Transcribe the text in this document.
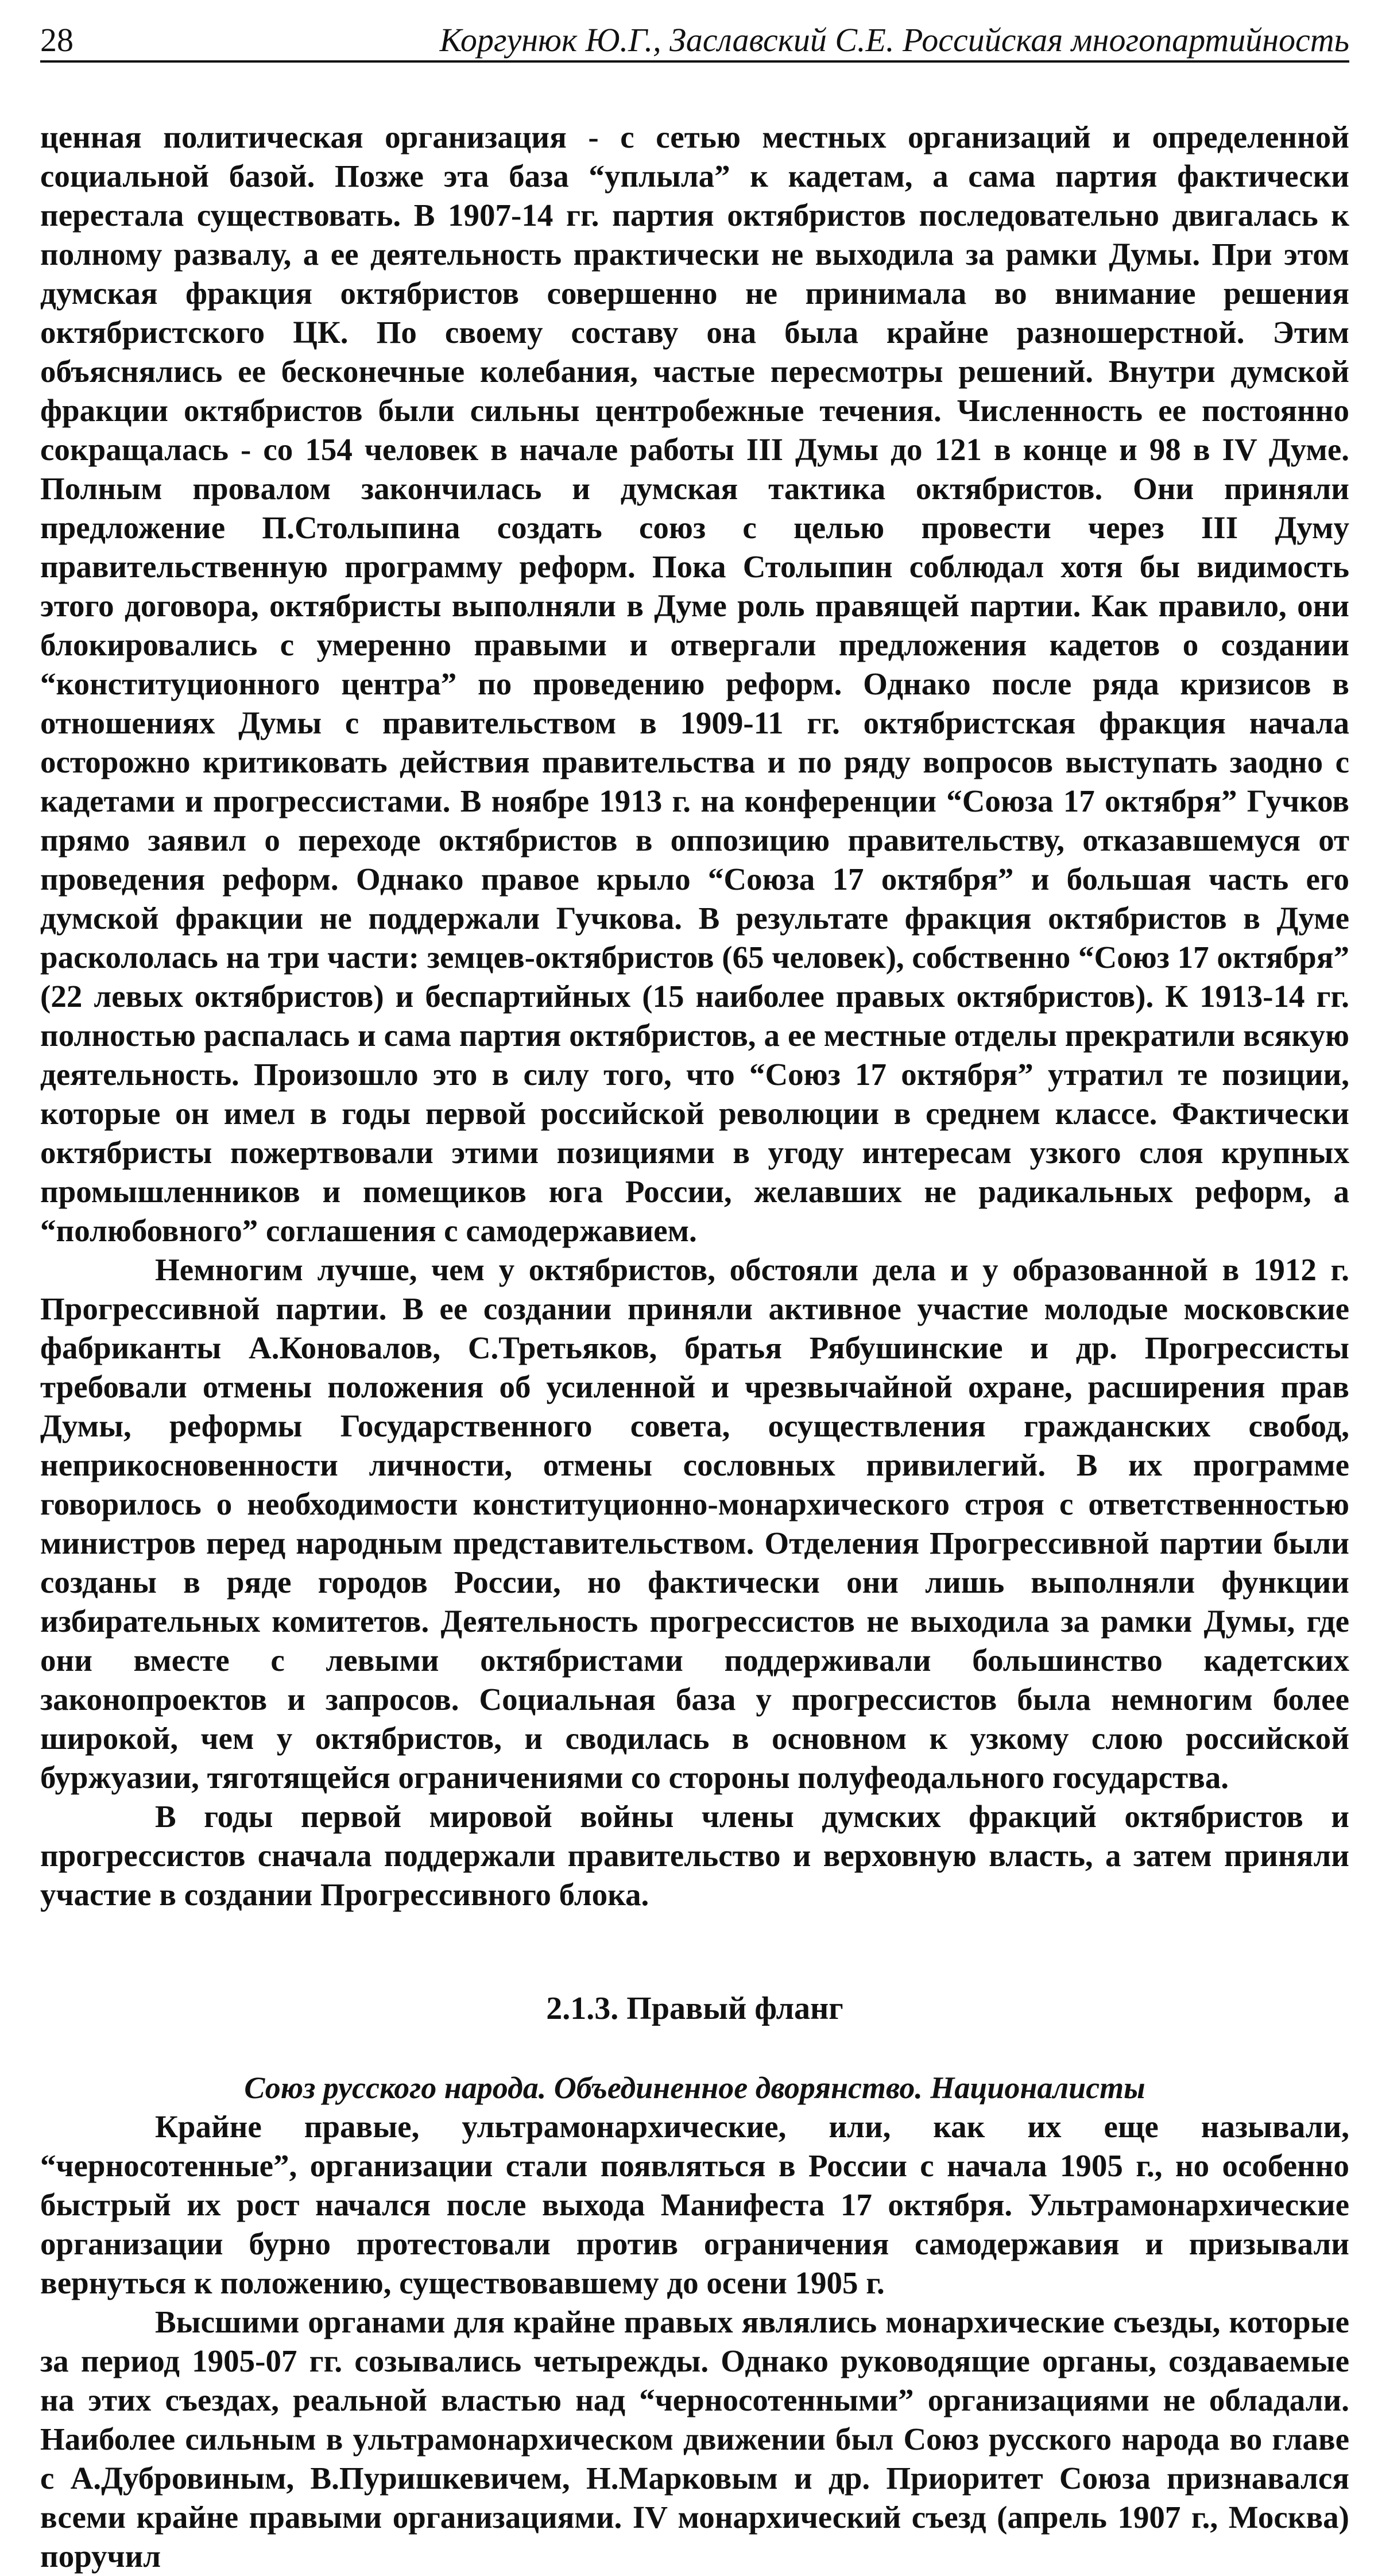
28	Коргунюк Ю.Г., Заславский С.Е. Российская многопартийность

ценная политическая организация - с сетью местных организаций и определенной социальной базой. Позже эта база “уплыла” к кадетам, а сама партия фактически перестала существовать. В 1907-14 гг. партия октябристов последовательно двигалась к полному развалу, а ее деятельность практически не выходила за рамки Думы. При этом думская фракция октябристов совершенно не принимала во внимание решения октябристского ЦК. По своему составу она была крайне разношерстной. Этим объяснялись ее бесконечные колебания, частые пересмотры решений. Внутри думской фракции октябристов были сильны центробежные течения. Численность ее постоянно сокращалась - со 154 человек в начале работы III Думы до 121 в конце и 98 в IV Думе. Полным провалом закончилась и думская тактика октябристов. Они приняли предложение П.Столыпина создать союз с целью провести через III Думу правительственную программу реформ. Пока Столыпин соблюдал хотя бы видимость этого договора, октябристы выполняли в Думе роль правящей партии. Как правило, они блокировались с умеренно правыми и отвергали предложения кадетов о создании “конституционного центра” по проведению реформ. Однако после ряда кризисов в отношениях Думы с правительством в 1909-11 гг. октябристская фракция начала осторожно критиковать действия правительства и по ряду вопросов выступать заодно с кадетами и прогрессистами. В ноябре 1913 г. на конференции “Союза 17 октября” Гучков прямо заявил о переходе октябристов в оппозицию правительству, отказавшемуся от проведения реформ. Однако правое крыло “Союза 17 октября” и большая часть его думской фракции не поддержали Гучкова. В результате фракция октябристов в Думе раскололась на три части: земцев-октябристов (65 человек), собственно “Союз 17 октября” (22 левых октябристов) и беспартийных (15 наиболее правых октябристов). К 1913-14 гг. полностью распалась и сама партия октябристов, а ее местные отделы прекратили всякую деятельность. Произошло это в силу того, что “Союз 17 октября” утратил те позиции, которые он имел в годы первой российской революции в среднем классе. Фактически октябристы пожертвовали этими позициями в угоду интересам узкого слоя крупных промышленников и помещиков юга России, желавших не радикальных реформ, а “полюбовного” соглашения с самодержавием.

Немногим лучше, чем у октябристов, обстояли дела и у образованной в 1912 г. Прогрессивной партии. В ее создании приняли активное участие молодые московские фабриканты А.Коновалов, С.Третьяков, братья Рябушинские и др. Прогрессисты требовали отмены положения об усиленной и чрезвычайной охране, расширения прав Думы, реформы Государственного совета, осуществления гражданских свобод, неприкосновенности личности, отмены сословных привилегий. В их программе говорилось о необходимости конституционно-монархического строя с ответственностью министров перед народным представительством. Отделения Прогрессивной партии были созданы в ряде городов России, но фактически они лишь выполняли функции избирательных комитетов. Деятельность прогрессистов не выходила за рамки Думы, где они вместе с левыми октябристами поддерживали большинство кадетских законопроектов и запросов. Социальная база у прогрессистов была немногим более широкой, чем у октябристов, и сводилась в основном к узкому слою российской буржуазии, тяготящейся ограничениями со стороны полуфеодального государства.

В годы первой мировой войны члены думских фракций октябристов и прогрессистов сначала поддержали правительство и верховную власть, а затем приняли участие в создании Прогрессивного блока.

2.1.3. Правый фланг
Союз русского народа. Объединенное дворянство. Националисты

Крайне правые, ультрамонархические, или, как их еще называли, “черносотенные”, организации стали появляться в России с начала 1905 г., но особенно быстрый их рост начался после выхода Манифеста 17 октября. Ультрамонархические организации бурно протестовали против ограничения самодержавия и призывали вернуться к положению, существовавшему до осени 1905 г.

Высшими органами для крайне правых являлись монархические съезды, которые за период 1905-07 гг. созывались четырежды. Однако руководящие органы, создаваемые на этих съездах, реальной властью над “черносотенными” организациями не обладали. Наиболее сильным в ультрамонархическом движении был Союз русского народа во главе с А.Дубровиным, В.Пуришкевичем, Н.Марковым и др. Приоритет Союза признавался всеми крайне правыми организациями. IV монархический съезд (апрель 1907 г., Москва) поручил
